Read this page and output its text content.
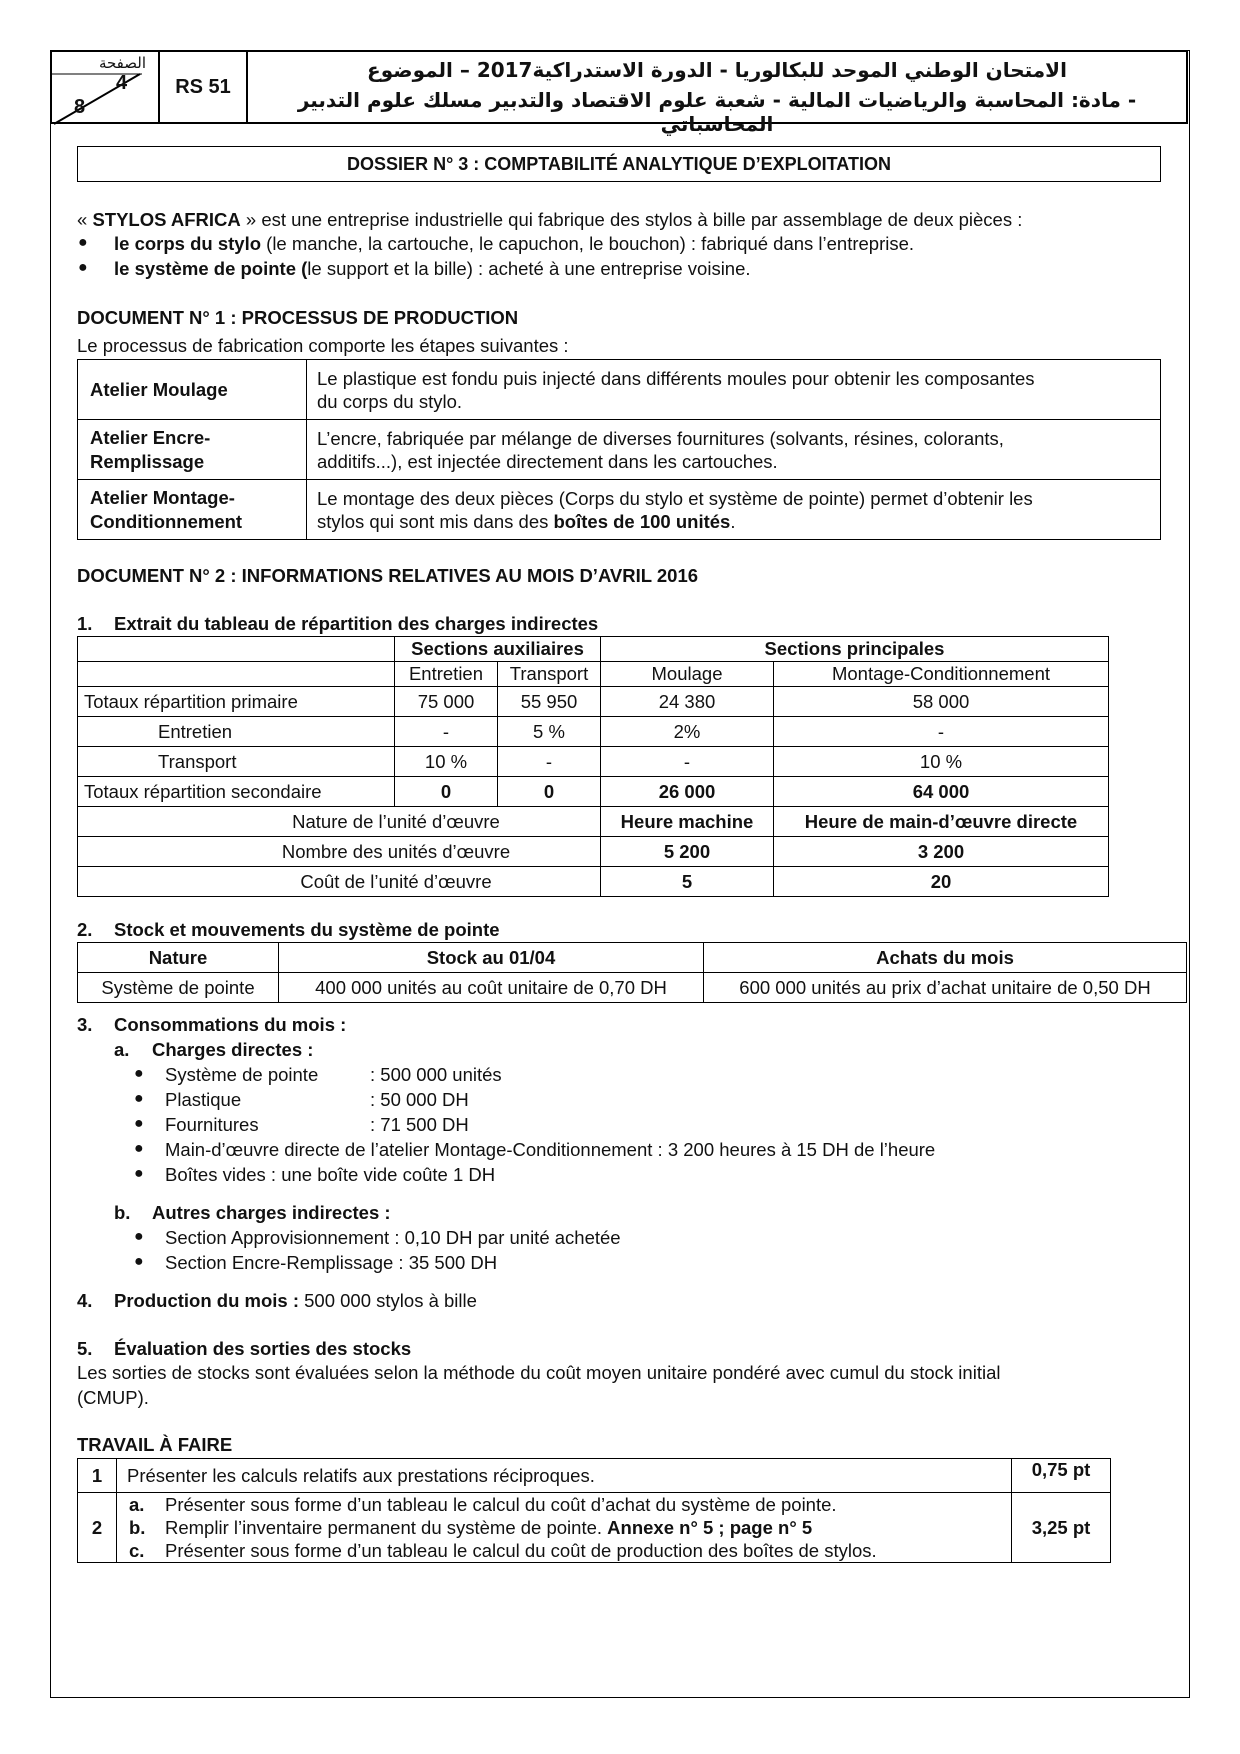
الصفحة
4
8
RS 51
الامتحان الوطني الموحد للبكالوريا - الدورة الاستدراكية2017 – الموضوع
- مادة: المحاسبة والرياضيات المالية - شعبة علوم الاقتصاد والتدبير مسلك علوم التدبير المحاسباتي
DOSSIER N° 3 : COMPTABILITÉ ANALYTIQUE D’EXPLOITATION
« STYLOS AFRICA » est une entreprise industrielle qui fabrique des stylos à bille par assemblage de deux pièces :
● le corps du stylo (le manche, la cartouche, le capuchon, le bouchon) : fabriqué dans l’entreprise.
● le système de pointe (le support et la bille) : acheté à une entreprise voisine.
DOCUMENT N° 1 : PROCESSUS DE PRODUCTION
Le processus de fabrication comporte les étapes suivantes :
Atelier Moulage	Le plastique est fondu puis injecté dans différents moules pour obtenir les composantes
du corps du stylo.
Atelier Encre-
Remplissage	L’encre, fabriquée par mélange de diverses fournitures (solvants, résines, colorants,
additifs...), est injectée directement dans les cartouches.
Atelier Montage-
Conditionnement	Le montage des deux pièces (Corps du stylo et système de pointe) permet d’obtenir les
stylos qui sont mis dans des boîtes de 100 unités.
DOCUMENT N° 2 : INFORMATIONS RELATIVES AU MOIS D’AVRIL 2016
1. Extrait du tableau de répartition des charges indirectes
	Sections auxiliaires		Sections principales	
	Entretien	Transport	Moulage	Montage-Conditionnement
Totaux répartition primaire	75 000	55 950	24 380	58 000
Entretien	-	5 %	2%	-
Transport	10 %	-	-	10 %
Totaux répartition secondaire	0	0	26 000	64 000
Nature de l’unité d’œuvre			Heure machine	Heure de main-d’œuvre directe
Nombre des unités d’œuvre			5 200	3 200
Coût de l’unité d’œuvre			5	20
2. Stock et mouvements du système de pointe
Nature	Stock au 01/04	Achats du mois
Système de pointe	400 000 unités au coût unitaire de 0,70 DH	600 000 unités au prix d’achat unitaire de 0,50 DH
3. Consommations du mois :
a. Charges directes :
● Système de pointe	: 500 000 unités
● Plastique	: 50 000 DH
● Fournitures	: 71 500 DH
● Main-d’œuvre directe de l’atelier Montage-Conditionnement : 3 200 heures à 15 DH de l’heure
● Boîtes vides : une boîte vide coûte 1 DH
b. Autres charges indirectes :
● Section Approvisionnement : 0,10 DH par unité achetée
● Section Encre-Remplissage : 35 500 DH
4. Production du mois : 500 000 stylos à bille
5. Évaluation des sorties des stocks
Les sorties de stocks sont évaluées selon la méthode du coût moyen unitaire pondéré avec cumul du stock initial
(CMUP).
TRAVAIL À FAIRE
1	Présenter les calculs relatifs aux prestations réciproques.	0,75 pt
2	a. Présenter sous forme d’un tableau le calcul du coût d’achat du système de pointe.
b. Remplir l’inventaire permanent du système de pointe. Annexe n° 5 ; page n° 5
c. Présenter sous forme d’un tableau le calcul du coût de production des boîtes de stylos.	3,25 pt
